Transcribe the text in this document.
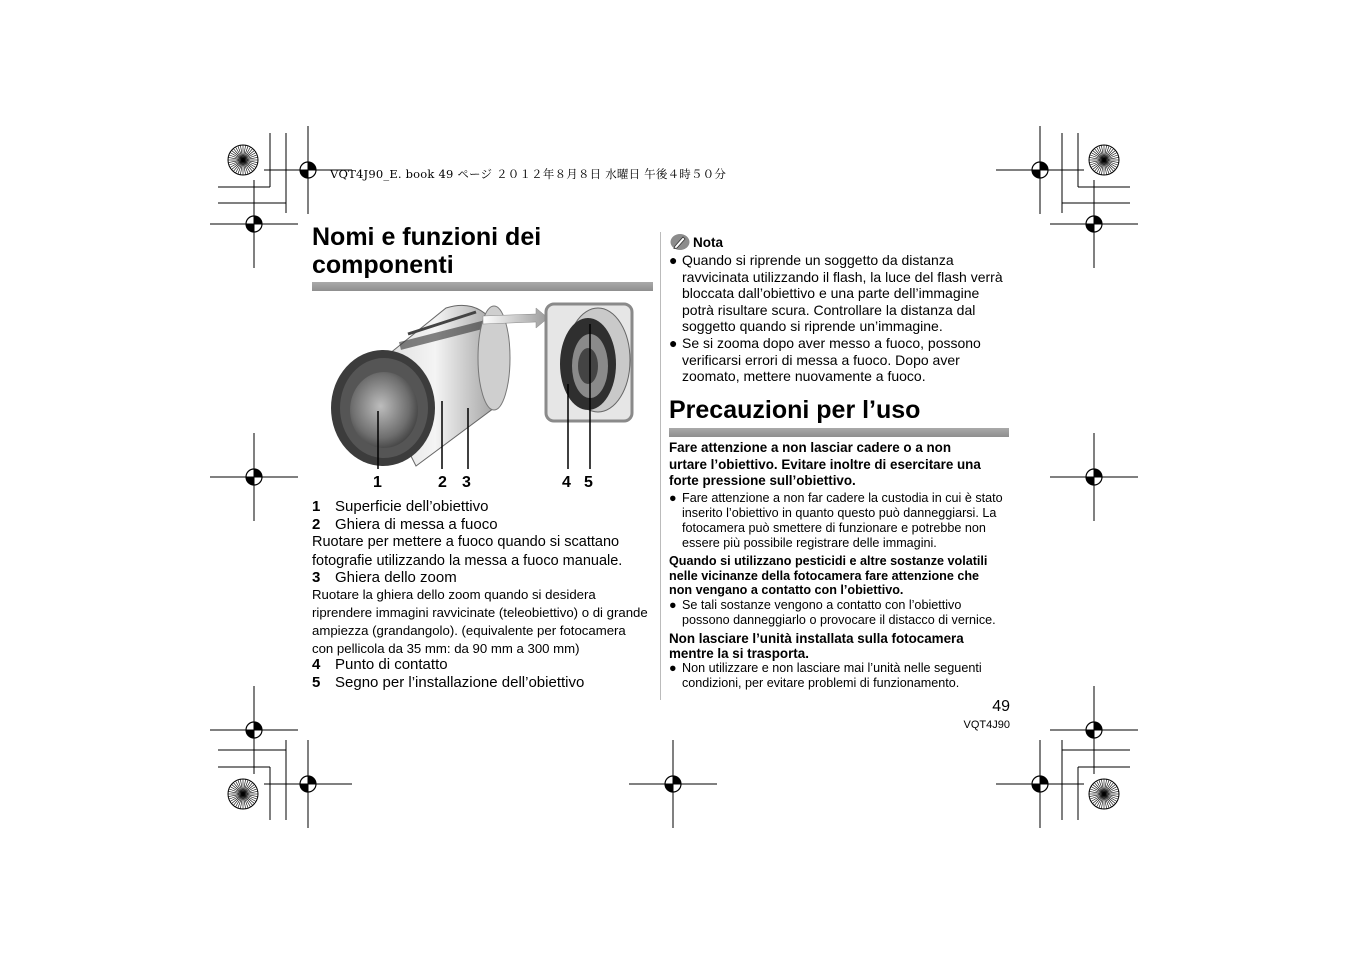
VQT4J90_E. book 49 ページ ２０１２年８月８日 水曜日 午後４時５０分
Nomi e funzioni dei
componenti
1	2 3	4 5
1 Superficie dell’obiettivo
2 Ghiera di messa a fuoco
Ruotare per mettere a fuoco quando si scattano
fotografie utilizzando la messa a fuoco manuale.
3 Ghiera dello zoom
Ruotare la ghiera dello zoom quando si desidera
riprendere immagini ravvicinate (teleobiettivo) o di grande
ampiezza (grandangolo). (equivalente per fotocamera
con pellicola da 35 mm: da 90 mm a 300 mm)
4 Punto di contatto
5 Segno per l’installazione dell’obiettivo
Nota
● Quando si riprende un soggetto da distanza
ravvicinata utilizzando il flash, la luce del flash verrà
bloccata dall’obiettivo e una parte dell’immagine
potrà risultare scura. Controllare la distanza dal
soggetto quando si riprende un’immagine.
● Se si zooma dopo aver messo a fuoco, possono
verificarsi errori di messa a fuoco. Dopo aver
zoomato, mettere nuovamente a fuoco.
Precauzioni per l’uso
Fare attenzione a non lasciar cadere o a non
urtare l’obiettivo. Evitare inoltre di esercitare una
forte pressione sull’obiettivo.
● Fare attenzione a non far cadere la custodia in cui è stato
inserito l’obiettivo in quanto questo può danneggiarsi. La
fotocamera può smettere di funzionare e potrebbe non
essere più possibile registrare delle immagini.
Quando si utilizzano pesticidi e altre sostanze volatili
nelle vicinanze della fotocamera fare attenzione che
non vengano a contatto con l’obiettivo.
● Se tali sostanze vengono a contatto con l’obiettivo
possono danneggiarlo o provocare il distacco di vernice.
Non lasciare l’unità installata sulla fotocamera
mentre la si trasporta.
● Non utilizzare e non lasciare mai l’unità nelle seguenti
condizioni, per evitare problemi di funzionamento.
49
VQT4J90
